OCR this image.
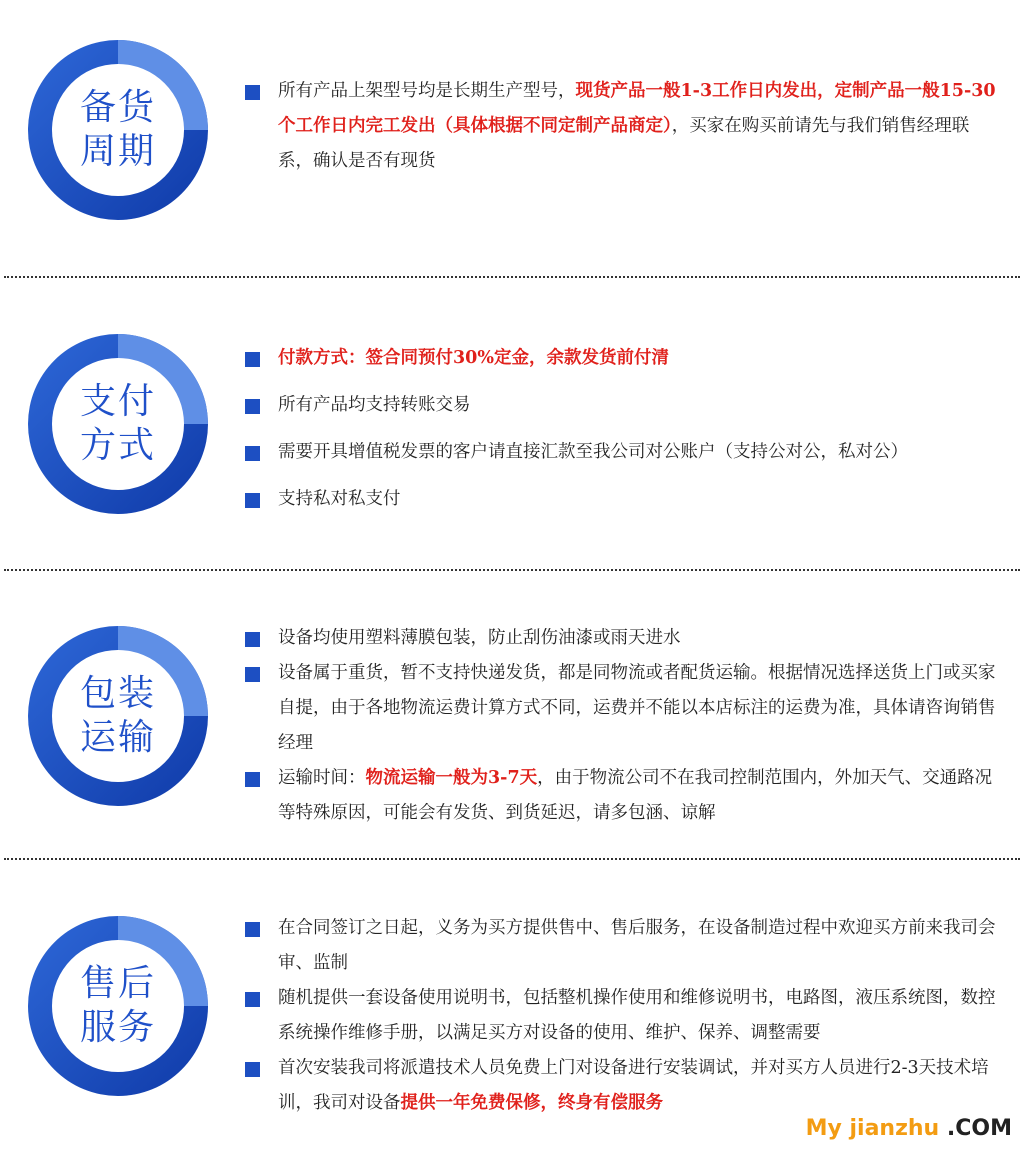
备货
周期
所有产品上架型号均是长期生产型号，现货产品一般1-3工作日内发出，定制产品一般15-30个工作日内完工发出（具体根据不同定制产品商定），买家在购买前请先与我们销售经理联系，确认是否有现货
支付
方式
付款方式：签合同预付30%定金，余款发货前付清
所有产品均支持转账交易
需要开具增值税发票的客户请直接汇款至我公司对公账户（支持公对公，私对公）
支持私对私支付
包装
运输
设备均使用塑料薄膜包装，防止刮伤油漆或雨天进水
设备属于重货，暂不支持快递发货，都是同物流或者配货运输。根据情况选择送货上门或买家自提，由于各地物流运费计算方式不同，运费并不能以本店标注的运费为准，具体请咨询销售经理
运输时间：物流运输一般为3-7天，由于物流公司不在我司控制范围内，外加天气、交通路况等特殊原因，可能会有发货、到货延迟，请多包涵、谅解
售后
服务
在合同签订之日起，义务为买方提供售中、售后服务，在设备制造过程中欢迎买方前来我司会审、监制
随机提供一套设备使用说明书，包括整机操作使用和维修说明书，电路图，液压系统图，数控系统操作维修手册，以满足买方对设备的使用、维护、保养、调整需要
首次安装我司将派遣技术人员免费上门对设备进行安装调试，并对买方人员进行2-3天技术培训，我司对设备提供一年免费保修，终身有偿服务
My jianzhu .COM
